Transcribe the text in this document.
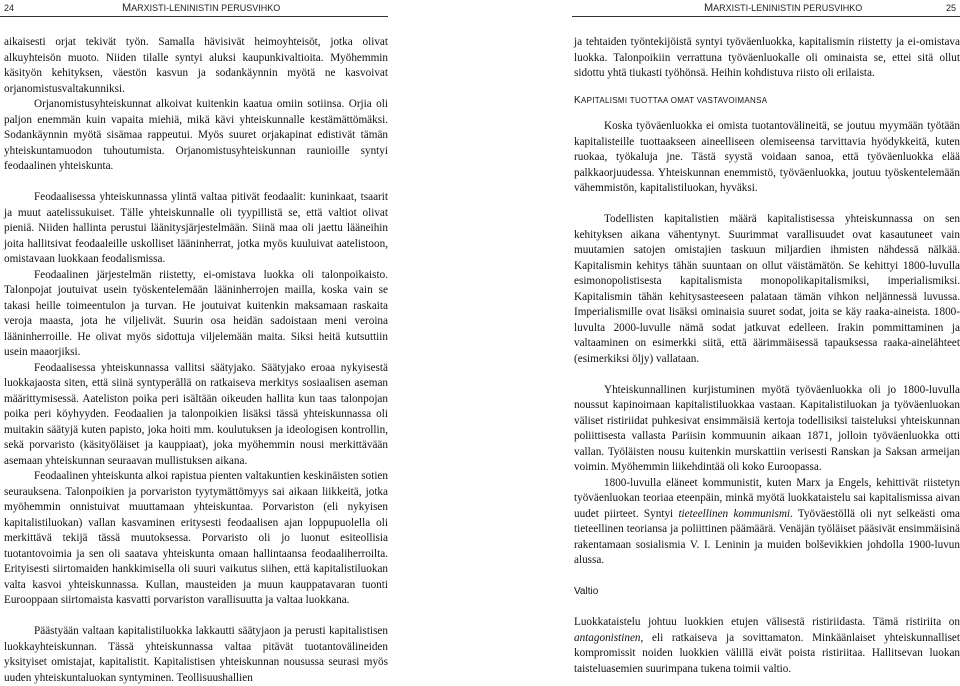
24	MARXISTI-LENINISTIN PERUSVIHKO	MARXISTI-LENINISTIN PERUSVIHKO	25

aikaisesti orjat tekivät työn. Samalla hävisivät heimoyhteisöt, jotka olivat alkuyhteisön muoto. Niiden tilalle syntyi aluksi kaupunkivaltioita. Myöhemmin käsityön kehityksen, väestön kasvun ja sodankäynnin myötä ne kasvoivat orjanomistusvaltakunniksi.

Orjanomistusyhteiskunnat alkoivat kuitenkin kaatua omiin sotiinsa. Orjia oli paljon enemmän kuin vapaita miehiä, mikä kävi yhteiskunnalle kestämättömäksi. Sodankäynnin myötä sisämaa rappeutui. Myös suuret orjakapinat edistivät tämän yhteiskuntamuodon tuhoutumista. Orjanomistusyhteiskunnan raunioille syntyi feodaalinen yhteiskunta.

Feodaalisessa yhteiskunnassa ylintä valtaa pitivät feodaalit: kuninkaat, tsaarit ja muut aatelissukuiset. Tälle yhteiskunnalle oli tyypillistä se, että valtiot olivat pieniä. Niiden hallinta perustui läänitysjärjestelmään. Siinä maa oli jaettu lääneihin joita hallitsivat feodaaleille uskolliset lääninherrat, jotka myös kuuluivat aatelistoon, omistavaan luokkaan feodalismissa.

Feodaalinen järjestelmän riistetty, ei-omistava luokka oli talonpoikaisto. Talonpojat joutuivat usein työskentelemään lääninherrojen mailla, koska vain se takasi heille toimeentulon ja turvan. He joutuivat kuitenkin maksamaan raskaita veroja maasta, jota he viljelivät. Suurin osa heidän sadoistaan meni veroina lääninherroille. He olivat myös sidottuja viljelemään maita. Siksi heitä kutsuttiin usein maaorjiksi.

Feodaalisessa yhteiskunnassa vallitsi säätyjako. Säätyjako eroaa nykyisestä luokkajaosta siten, että siinä syntyperällä on ratkaiseva merkitys sosiaalisen aseman määrittymisessä. Aateliston poika peri isältään oikeuden hallita kun taas talonpojan poika peri köyhyyden. Feodaalien ja talonpoikien lisäksi tässä yhteiskunnassa oli muitakin säätyjä kuten papisto, joka hoiti mm. koulutuksen ja ideologisen kontrollin, sekä porvaristo (käsityöläiset ja kauppiaat), joka myöhemmin nousi merkittävään asemaan yhteiskunnan seuraavan mullistuksen aikana.

Feodaalinen yhteiskunta alkoi rapistua pienten valtakuntien keskinäisten sotien seurauksena. Talonpoikien ja porvariston tyytymättömyys sai aikaan liikkeitä, jotka myöhemmin onnistuivat muuttamaan yhteiskuntaa. Porvariston (eli nykyisen kapitalistiluokan) vallan kasvaminen eritysesti feodaalisen ajan loppupuolella oli merkittävä tekijä tässä muutoksessa. Porvaristo oli jo luonut esiteollisia tuotantovoimia ja sen oli saatava yhteiskunta omaan hallintaansa feodaaliherroilta. Erityisesti siirtomaiden hankkimisella oli suuri vaikutus siihen, että kapitalistiluokan valta kasvoi yhteiskunnassa. Kullan, mausteiden ja muun kauppatavaran tuonti Eurooppaan siirtomaista kasvatti porvariston varallisuutta ja valtaa luokkana.

Päästyään valtaan kapitalistiluokka lakkautti säätyjaon ja perusti kapitalistisen luokkayhteiskunnan. Tässä yhteiskunnassa valtaa pitävät tuotantovälineiden yksityiset omistajat, kapitalistit. Kapitalistisen yhteiskunnan nousussa seurasi myös uuden yhteiskuntaluokan syntyminen. Teollisuushallien

ja tehtaiden työntekijöistä syntyi työväenluokka, kapitalismin riistetty ja ei-omistava luokka. Talonpoikiin verrattuna työväenluokalle oli ominaista se, ettei sitä ollut sidottu yhtä tiukasti työhönsä. Heihin kohdistuva riisto oli erilaista.

KAPITALISMI TUOTTAA OMAT VASTAVOIMANSA

Koska työväenluokka ei omista tuotantovälineitä, se joutuu myymään työtään kapitalisteille tuottaakseen aineelliseen olemiseensa tarvittavia hyödykkeitä, kuten ruokaa, työkaluja jne. Tästä syystä voidaan sanoa, että työväenluokka elää palkkaorjuudessa. Yhteiskunnan enemmistö, työväenluokka, joutuu työskentelemään vähemmistön, kapitalistiluokan, hyväksi.

Todellisten kapitalistien määrä kapitalistisessa yhteiskunnassa on sen kehityksen aikana vähentynyt. Suurimmat varallisuudet ovat kasautuneet vain muutamien satojen omistajien taskuun miljardien ihmisten nähdessä nälkää. Kapitalismin kehitys tähän suuntaan on ollut väistämätön. Se kehittyi 1800-luvulla esimonopolistisesta kapitalismista monopolikapitalismiksi, imperialismiksi. Kapitalismin tähän kehitysasteeseen palataan tämän vihkon neljännessä luvussa. Imperialismille ovat lisäksi ominaisia suuret sodat, joita se käy raaka-aineista. 1800-luvulta 2000-luvulle nämä sodat jatkuvat edelleen. Irakin pommittaminen ja valtaaminen on esimerkki siitä, että äärimmäisessä tapauksessa raaka-ainelähteet (esimerkiksi öljy) vallataan.

Yhteiskunnallinen kurjistuminen myötä työväenluokka oli jo 1800-luvulla noussut kapinoimaan kapitalistiluokkaa vastaan. Kapitalistiluokan ja työväenluokan väliset ristiriidat puhkesivat ensimmäisiä kertoja todellisiksi taisteluksi yhteiskunnan poliittisesta vallasta Pariisin kommuunin aikaan 1871, jolloin työväenluokka otti vallan. Työläisten nousu kuitenkin murskattiin verisesti Ranskan ja Saksan armeijan voimin. Myöhemmin liikehdintää oli koko Euroopassa.

1800-luvulla eläneet kommunistit, kuten Marx ja Engels, kehittivät riistetyn työväenluokan teoriaa eteenpäin, minkä myötä luokkataistelu sai kapitalismissa aivan uudet piirteet. Syntyi tieteellinen kommunismi. Työväestöllä oli nyt selkeästi oma tieteellinen teoriansa ja poliittinen päämäärä. Venäjän työläiset pääsivät ensimmäisinä rakentamaan sosialismia V. I. Leninin ja muiden bolševikkien johdolla 1900-luvun alussa.

Valtio

Luokkataistelu johtuu luokkien etujen välisestä ristiriidasta. Tämä ristiriita on antagonistinen, eli ratkaiseva ja sovittamaton. Minkäänlaiset yhteiskunnalliset kompromissit noiden luokkien välillä eivät poista ristiriitaa. Hallitsevan luokan taisteluasemien suurimpana tukena toimii valtio.
